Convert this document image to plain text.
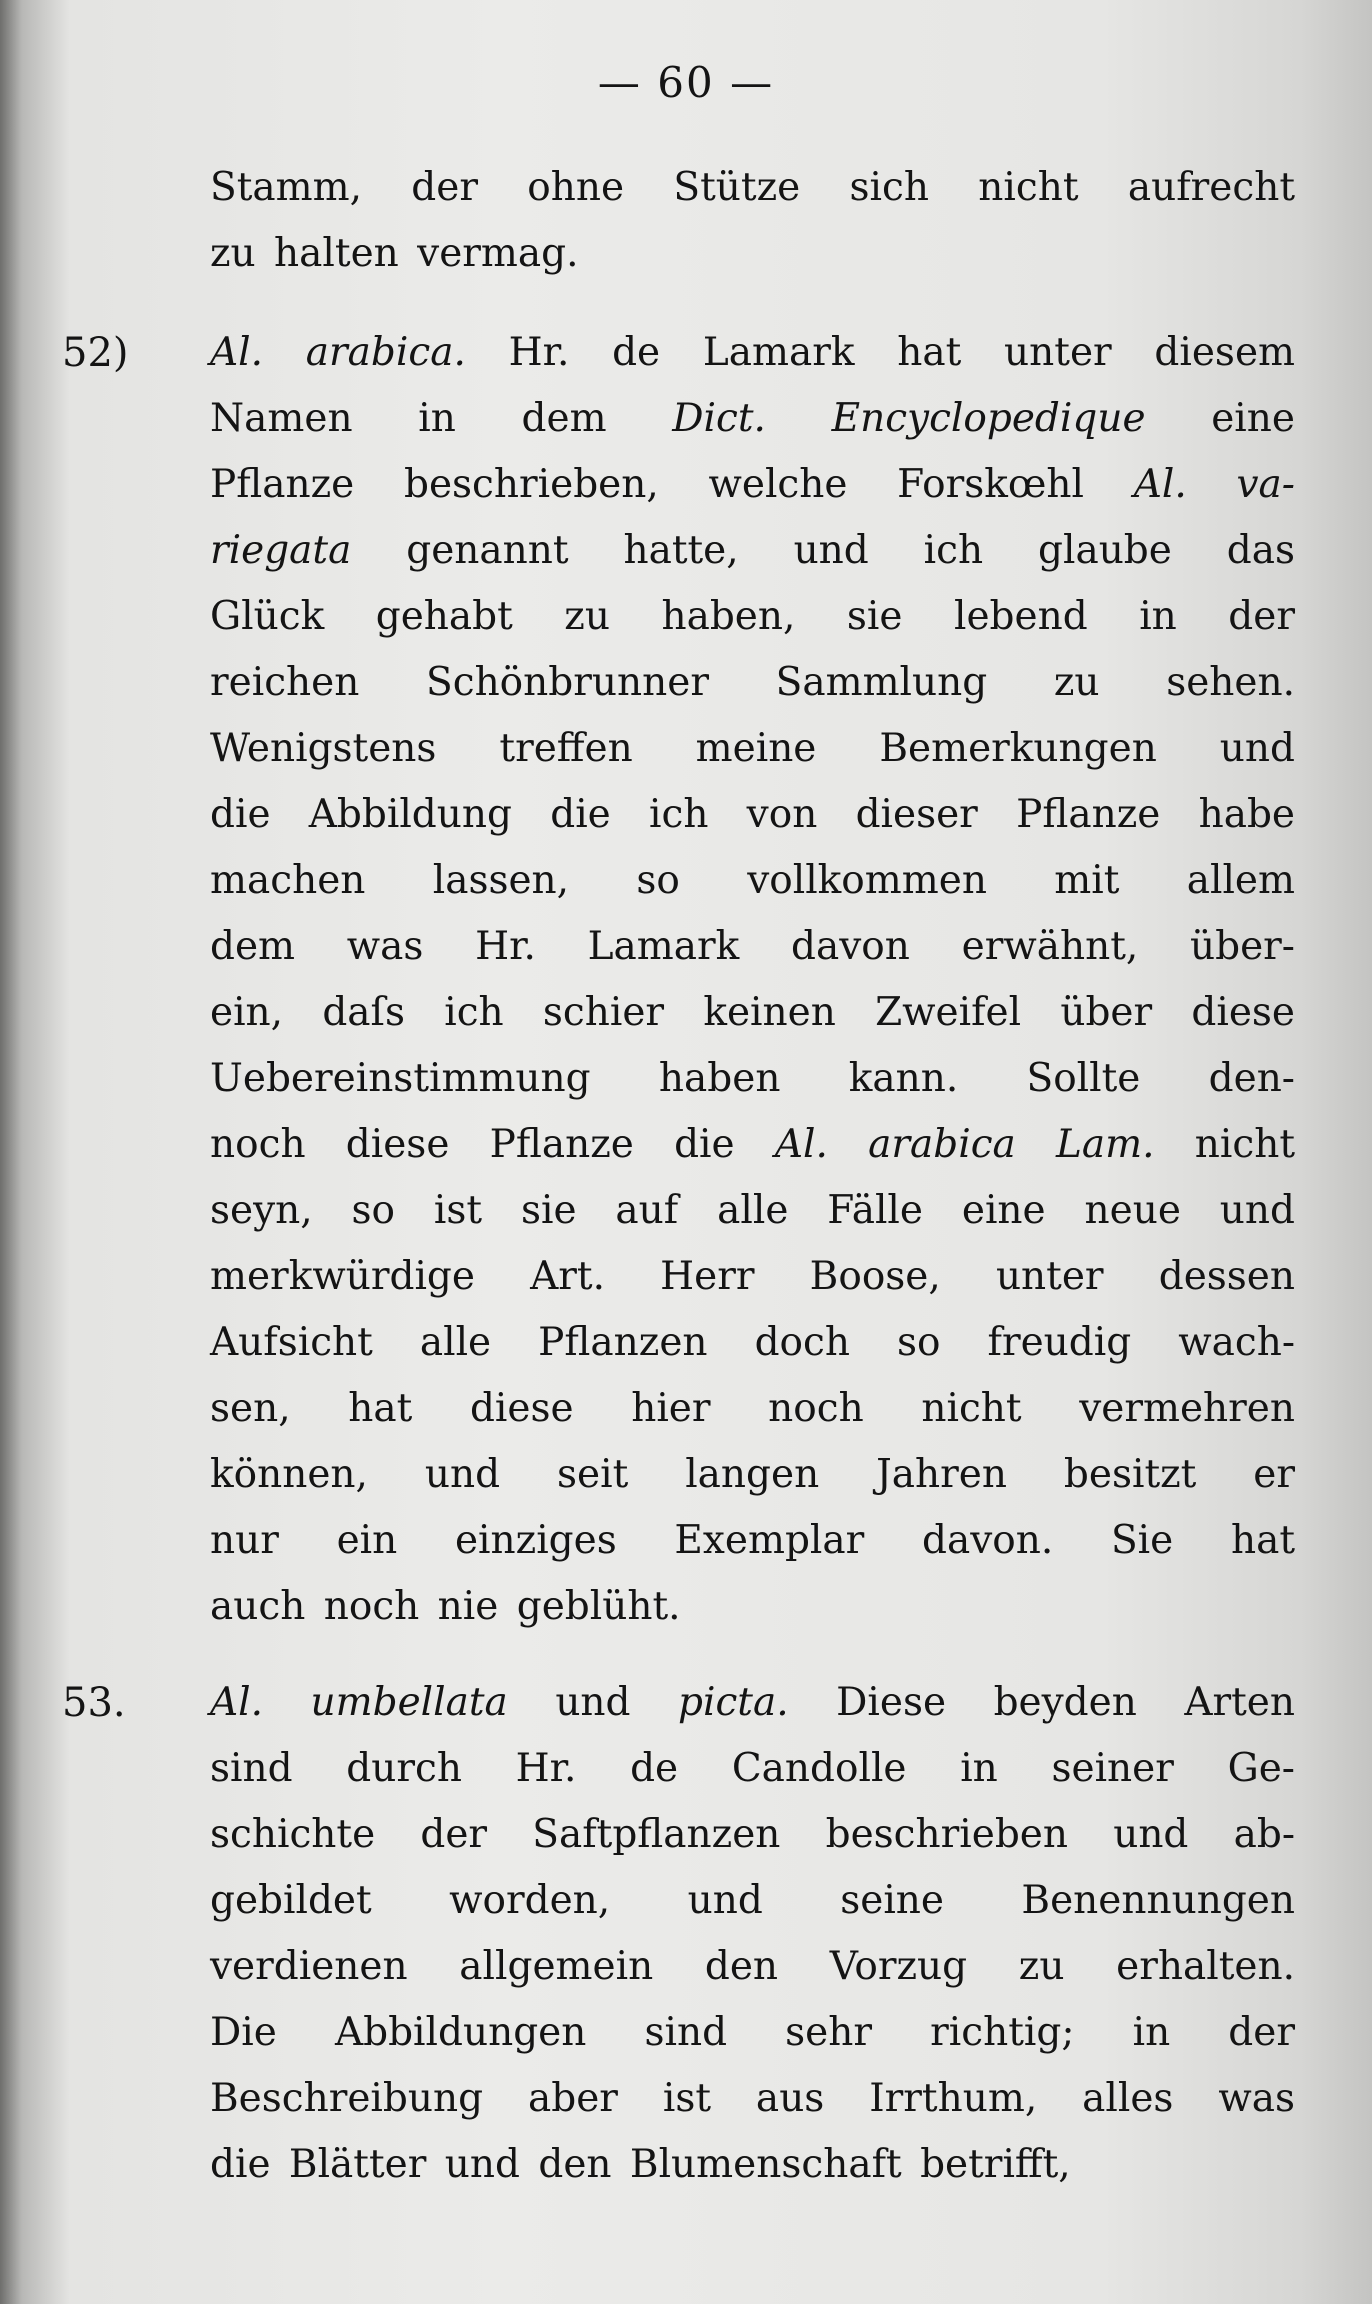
— 60 —
Stamm, der ohne Stütze sich nicht aufrecht
zu halten vermag.
52) Al. arabica. Hr. de Lamark hat unter diesem
Namen in dem Dict. Encyclopedique eine
Pflanze beschrieben, welche Forskœhl Al. va-
riegata genannt hatte, und ich glaube das
Glück gehabt zu haben, sie lebend in der
reichen Schönbrunner Sammlung zu sehen.
Wenigstens treffen meine Bemerkungen und
die Abbildung die ich von dieser Pflanze habe
machen lassen, so vollkommen mit allem
dem was Hr. Lamark davon erwähnt, über-
ein, daſs ich schier keinen Zweifel über diese
Uebereinstimmung haben kann. Sollte den-
noch diese Pflanze die Al. arabica Lam. nicht
seyn, so ist sie auf alle Fälle eine neue und
merkwürdige Art. Herr Boose, unter dessen
Aufsicht alle Pflanzen doch so freudig wach-
sen, hat diese hier noch nicht vermehren
können, und seit langen Jahren besitzt er
nur ein einziges Exemplar davon. Sie hat
auch noch nie geblüht.
53. Al. umbellata und picta. Diese beyden Arten
sind durch Hr. de Candolle in seiner Ge-
schichte der Saftpflanzen beschrieben und ab-
gebildet worden, und seine Benennungen
verdienen allgemein den Vorzug zu erhalten.
Die Abbildungen sind sehr richtig; in der
Beschreibung aber ist aus Irrthum, alles was
die Blätter und den Blumenschaft betrifft,
